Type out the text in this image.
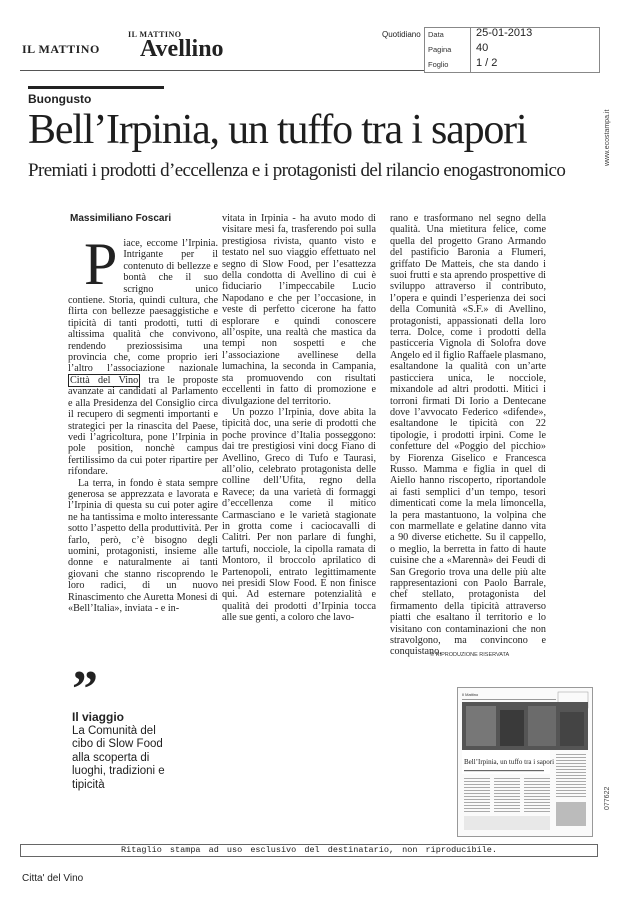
IL MATTINO
IL MATTINO Avellino
Quotidiano Data	25-01-2013
Pagina 40
Foglio	1 / 2
www.ecostampa.it
077622
Buongusto
Bell’Irpinia, un tuffo tra i sapori
Premiati i prodotti d’eccellenza e i protagonisti del rilancio enogastronomico
Massimiliano Foscari

Piace, eccome l’Irpinia. Intrigante per il contenuto di bellezze e bontà che il suo scrigno unico contiene. Storia, quindi cultura, che flirta con bellezze paesaggistiche e tipicità di tanti prodotti, tutti di altissima qualità che convivono, rendendo preziossisima una provincia che, come proprio ieri l’altro l’associazione nazionale Città del Vino tra le proposte avanzate ai candidati al Parlamento e alla Presidenza del Consiglio circa il recupero di segmenti importanti e strategici per la rinascita del Paese, vedi l’agricoltura, pone l’Irpinia in pole position, nonchè campus fertilissimo da cui poter ripartire per rifondare.

La terra, in fondo è stata sempre generosa se apprezzata e lavorata e l’Irpinia di questa su cui poter agire ne ha tantissima e molto interessante sotto l’aspetto della produttività. Per farlo, però, c’è bisogno degli uomini, protagonisti, insieme alle donne e naturalmente ai tanti giovani che stanno riscoprendo le loro radici, di un nuovo Rinascimento che Auretta Monesi di «Bell’Italia», inviata - e in-

vitata in Irpinia - ha avuto modo di visitare mesi fa, trasferendo poi sulla prestigiosa rivista, quanto visto e testato nel suo viaggio effettuato nel segno di Slow Food, per l’esattezza della condotta di Avellino di cui è fiduciario l’impeccabile Lucio Napodano e che per l’occasione, in veste di perfetto cicerone ha fatto esplorare e quindi conoscere all’ospite, una realtà che mastica da tempi non sospetti e che l’associazione avellinese della lumachina, la seconda in Campania, sta promuovendo con risultati eccellenti in fatto di promozione e divulgazione del territorio.

Un pozzo l’Irpinia, dove abita la tipicità doc, una serie di prodotti che poche province d’Italia posseggono: dai tre prestigiosi vini docg Fiano di Avellino, Greco di Tufo e Taurasi, all’olio, celebrato protagonista delle colline dell’Ufita, regno della Ravece; da una varietà di formaggi d’eccellenza come il mitico Carmasciano e le varietà stagionate in grotta come i caciocavalli di Calitri. Per non parlare di funghi, tartufi, nocciole, la cipolla ramata di Montoro, il broccolo aprilatico di Partenopoli, entrato legittimamente nei presidi Slow Food. E non finisce qui. Ad esternare potenzialità e qualità dei prodotti d’Irpinia tocca alle sue genti, a coloro che lavo-

rano e trasformano nel segno della qualità. Una mietitura felice, come quella del progetto Grano Armando del pastificio Baronia a Flumeri, griffato De Matteis, che sta dando i suoi frutti e sta aprendo prospettive di sviluppo attraverso il contributo, l’opera e quindi l’esperienza dei soci della Comunità «S.F.» di Avellino, protagonisti, appassionati della loro terra. Dolce, come i prodotti della pasticceria Vignola di Solofra dove Angelo ed il figlio Raffaele plasmano, esaltandone la qualità con un’arte pasticciera unica, le nocciole, mixandole ad altri prodotti. Mitici i torroni firmati Di Iorio a Dentecane dove l’avvocato Federico «difende», esaltandone le tipicità con 22 tipologie, i prodotti irpini. Come le confetture del «Poggio del picchio» by Fiorenza Giselico e Francesca Russo. Mamma e figlia in quel di Aiello hanno riscoperto, riportandole ai fasti semplici d’un tempo, tesori dimenticati come la mela limoncella, la pera mastantuono, la volpina che con marmellate e gelatine danno vita a 90 diverse etichette. Su il cappello, o meglio, la berretta in fatto di haute cuisine che a «Marennà» dei Feudi di San Gregorio trova una delle più alte rappresentazioni con Paolo Barrale, chef stellato, protagonista del firmamento della tipicità attraverso piatti che esaltano il territorio e lo visitano con contaminazioni che non stravolgono, ma convincono e conquistano.

© RIPRODUZIONE RISERVATA
”
Il viaggio
La Comunità del cibo di Slow Food alla scoperta di luoghi, tradizioni e tipicità
Il Mattino
Bell’Irpinia, un tuffo tra i sapori
Ritaglio stampa ad uso esclusivo del destinatario, non riproducibile.
Citta' del Vino
